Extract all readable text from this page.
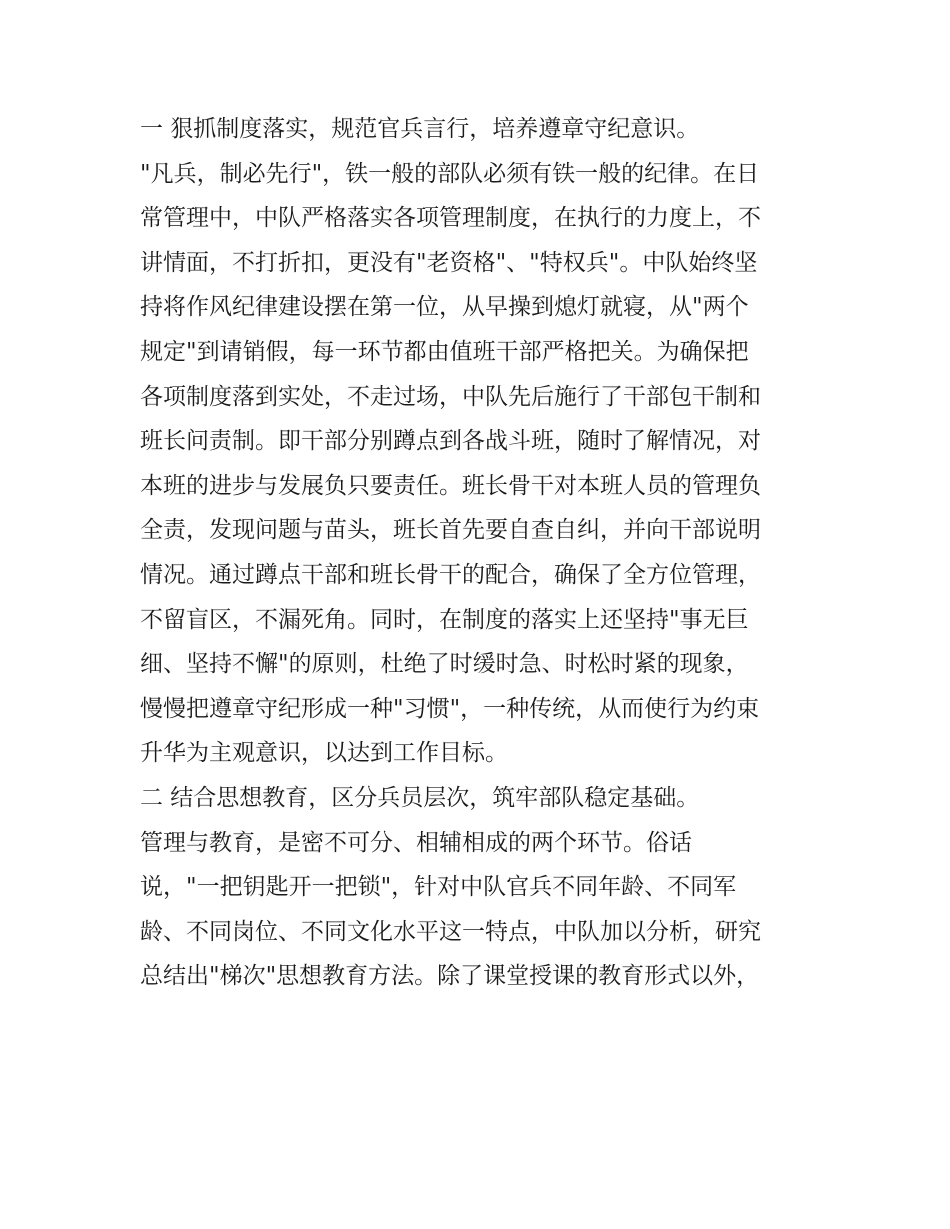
一 狠抓制度落实，规范官兵言行，培养遵章守纪意识。
"凡兵，制必先行"，铁一般的部队必须有铁一般的纪律。在日
常管理中，中队严格落实各项管理制度，在执行的力度上，不
讲情面，不打折扣，更没有"老资格"、"特权兵"。中队始终坚
持将作风纪律建设摆在第一位，从早操到熄灯就寝，从"两个
规定"到请销假，每一环节都由值班干部严格把关。为确保把
各项制度落到实处，不走过场，中队先后施行了干部包干制和
班长问责制。即干部分别蹲点到各战斗班，随时了解情况，对
本班的进步与发展负只要责任。班长骨干对本班人员的管理负
全责，发现问题与苗头，班长首先要自查自纠，并向干部说明
情况。通过蹲点干部和班长骨干的配合，确保了全方位管理，
不留盲区，不漏死角。同时，在制度的落实上还坚持"事无巨
细、坚持不懈"的原则，杜绝了时缓时急、时松时紧的现象，
慢慢把遵章守纪形成一种"习惯"，一种传统，从而使行为约束
升华为主观意识，以达到工作目标。
二 结合思想教育，区分兵员层次，筑牢部队稳定基础。
管理与教育，是密不可分、相辅相成的两个环节。俗话
说，"一把钥匙开一把锁"，针对中队官兵不同年龄、不同军
龄、不同岗位、不同文化水平这一特点，中队加以分析，研究
总结出"梯次"思想教育方法。除了课堂授课的教育形式以外，
